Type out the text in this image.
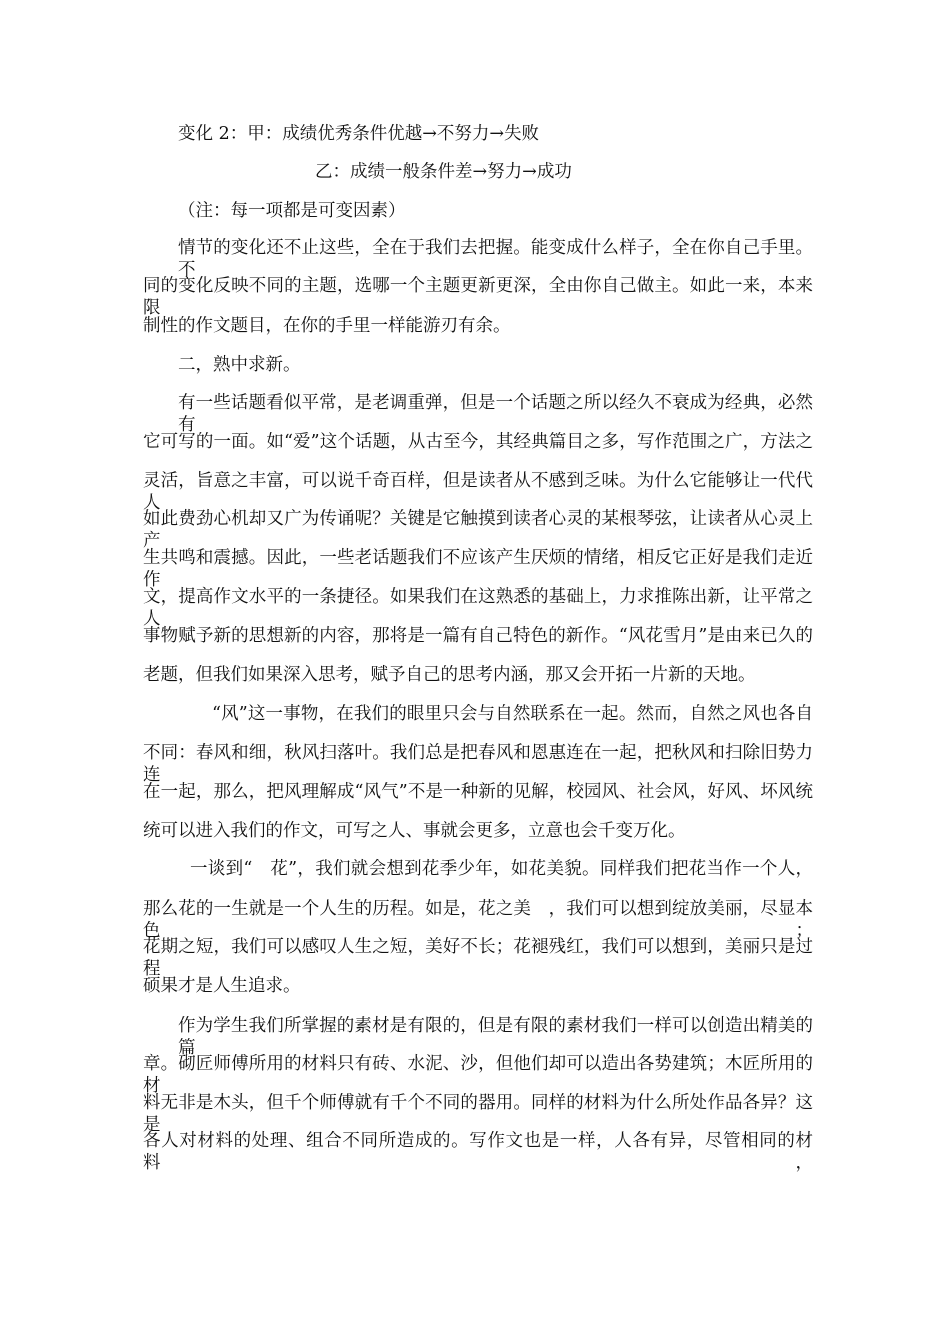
变化 2：甲：成绩优秀条件优越→不努力→失败
乙：成绩一般条件差→努力→成功
（注：每一项都是可变因素）
情节的变化还不止这些，全在于我们去把握。能变成什么样子，全在你自己手里。不
同的变化反映不同的主题，选哪一个主题更新更深，全由你自己做主。如此一来，本来限
制性的作文题目，在你的手里一样能游刃有余。
二，熟中求新。
有一些话题看似平常，是老调重弹，但是一个话题之所以经久不衰成为经典，必然有
它可写的一面。如“爱”这个话题，从古至今，其经典篇目之多，写作范围之广，方法之
灵活，旨意之丰富，可以说千奇百样，但是读者从不感到乏味。为什么它能够让一代代人
如此费劲心机却又广为传诵呢？关键是它触摸到读者心灵的某根琴弦，让读者从心灵上产
生共鸣和震撼。因此，一些老话题我们不应该产生厌烦的情绪，相反它正好是我们走近作
文，提高作文水平的一条捷径。如果我们在这熟悉的基础上，力求推陈出新，让平常之人
事物赋予新的思想新的内容，那将是一篇有自己特色的新作。“风花雪月”是由来已久的
老题，但我们如果深入思考，赋予自己的思考内涵，那又会开拓一片新的天地。
“风”这一事物，在我们的眼里只会与自然联系在一起。然而，自然之风也各自
不同：春风和细，秋风扫落叶。我们总是把春风和恩惠连在一起，把秋风和扫除旧势力连
在一起，那么，把风理解成“风气”不是一种新的见解，校园风、社会风，好风、坏风统
统可以进入我们的作文，可写之人、事就会更多，立意也会千变万化。
一谈到“　花”，我们就会想到花季少年，如花美貌。同样我们把花当作一个人，
那么花的一生就是一个人生的历程。如是，花之美　，我们可以想到绽放美丽，尽显本色；
花期之短，我们可以感叹人生之短，美好不长；花褪残红，我们可以想到，美丽只是过程
硕果才是人生追求。
作为学生我们所掌握的素材是有限的，但是有限的素材我们一样可以创造出精美的篇
章。砌匠师傅所用的材料只有砖、水泥、沙，但他们却可以造出各势建筑；木匠所用的材
料无非是木头，但千个师傅就有千个不同的器用。同样的材料为什么所处作品各异？这是
各人对材料的处理、组合不同所造成的。写作文也是一样，人各有异，尽管相同的材料，
